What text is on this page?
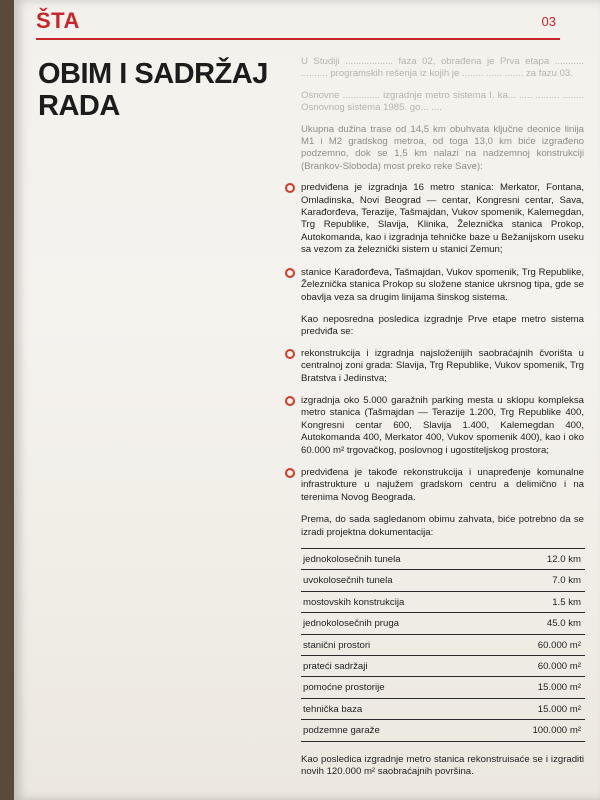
ŠTA	03
OBIM I SADRŽAJ RADA

U Studiji .................. faza 02, obrađena je Prva etapa ........... .......... programskih rešenja iz kojih je ........ ...... ....... za fazu 03.

Osnovne .............. izgradnje metro sistema I. ka... ..... ......... ........ Osnovnog sistema 1985. go... ....

Ukupna dužina trase od 14,5 km obuhvata ključne deonice linija M1 i M2 gradskog metroa, od toga 13,0 km biće izgrađeno podzemno, dok se 1,5 km nalazi na nadzemnoj konstrukciji (Brankov-Sloboda) most preko reke Save):

predviđena je izgradnja 16 metro stanica: Merkator, Fontana, Omladinska, Novi Beograd — centar, Kongresni centar, Sava, Karađorđeva, Terazije, Tašmajdan, Vukov spomenik, Kalemegdan, Trg Republike, Slavija, Klinika, Železnička stanica Prokop, Autokomanda, kao i izgradnja tehničke baze u Bežanijskom useku sa vezom za železnički sistem u stanici Zemun;
stanice Karađorđeva, Tašmajdan, Vukov spomenik, Trg Republike, Železnička stanica Prokop su složene stanice ukrsnog tipa, gde se obavlja veza sa drugim linijama šinskog sistema.

Kao neposredna posledica izgradnje Prve etape metro sistema predviđa se:

rekonstrukcija i izgradnja najsloženijih saobraćajnih čvorišta u centralnoj zoni grada: Slavija, Trg Republike, Vukov spomenik, Trg Bratstva i Jedinstva;
izgradnja oko 5.000 garažnih parking mesta u sklopu kompleksa metro stanica (Tašmajdan — Terazije 1.200, Trg Republike 400, Kongresni centar 600, Slavija 1.400, Kalemegdan 400, Autokomanda 400, Merkator 400, Vukov spomenik 400), kao i oko 60.000 m² trgovačkog, poslovnog i ugostiteljskog prostora;
predviđena je takođe rekonstrukcija i unapređenje komunalne infrastrukture u najužem gradskom centru a delimično i na terenima Novog Beograda.

Prema, do sada sagledanom obimu zahvata, biće potrebno da se izradi projektna dokumentacija:

jednokolosečnih tunela	12.0 km
uvokolosečnih tunela	7.0 km
mostovskih konstrukcija	1.5 km
jednokolosečnih pruga	45.0 km
stanični prostori	60.000 m²
prateći sadržaji	60.000 m²
pomoćne prostorije	15.000 m²
tehnička baza	15.000 m²
podzemne garaže	100.000 m²

Kao posledica izgradnje metro stanica rekonstruisaće se i izgraditi novih 120.000 m² saobraćajnih površina.
